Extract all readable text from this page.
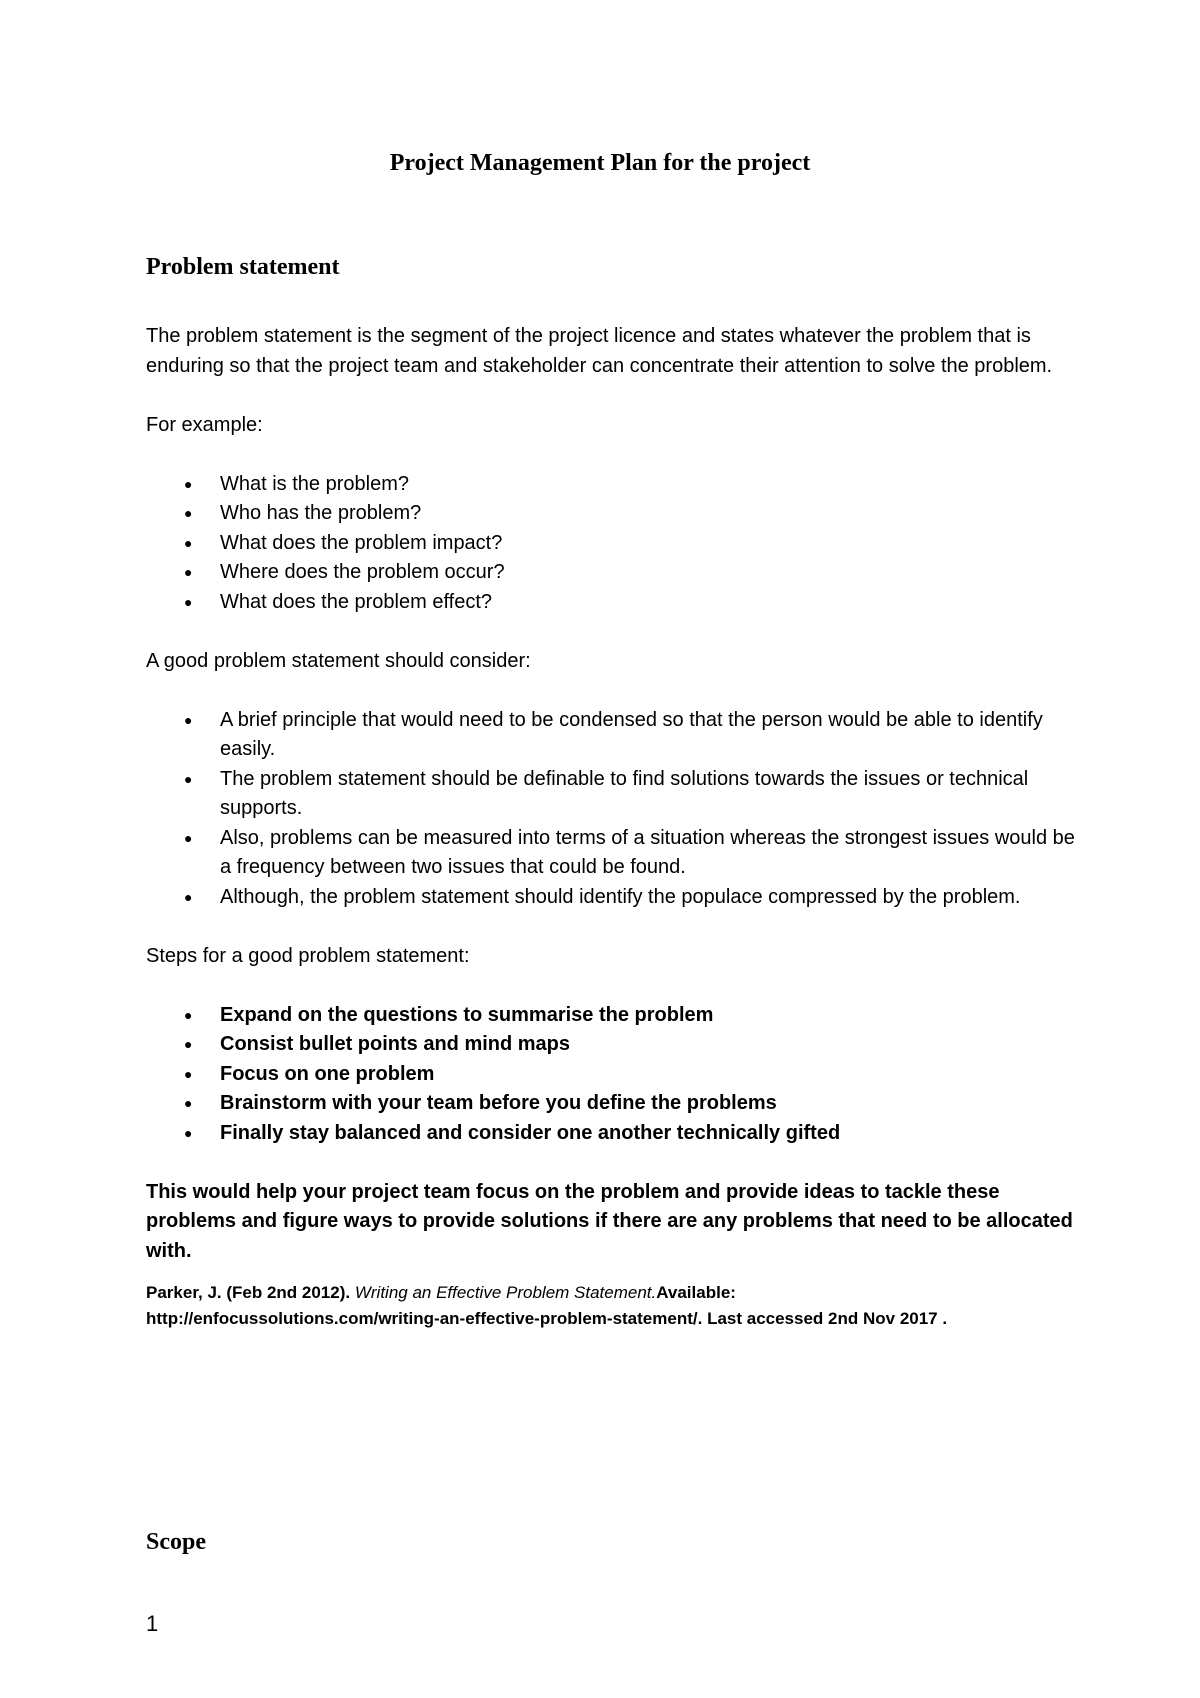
Project Management Plan for the project
Problem statement

The problem statement is the segment of the project licence and states whatever the problem that is enduring so that the project team and stakeholder can concentrate their attention to solve the problem.

For example:

● What is the problem?
● Who has the problem?
● What does the problem impact?
● Where does the problem occur?
● What does the problem effect?

A good problem statement should consider:

● A brief principle that would need to be condensed so that the person would be able to identify easily.
● The problem statement should be definable to find solutions towards the issues or technical supports.
● Also, problems can be measured into terms of a situation whereas the strongest issues would be a frequency between two issues that could be found.
● Although, the problem statement should identify the populace compressed by the problem.

Steps for a good problem statement:

● Expand on the questions to summarise the problem
● Consist bullet points and mind maps
● Focus on one problem
● Brainstorm with your team before you define the problems
● Finally stay balanced and consider one another technically gifted

This would help your project team focus on the problem and provide ideas to tackle these problems and figure ways to provide solutions if there are any problems that need to be allocated with.

Parker, J. (Feb 2nd 2012). Writing an Effective Problem Statement.Available:
http://enfocussolutions.com/writing-an-effective-problem-statement/. Last accessed 2nd Nov 2017 .

Scope

1
